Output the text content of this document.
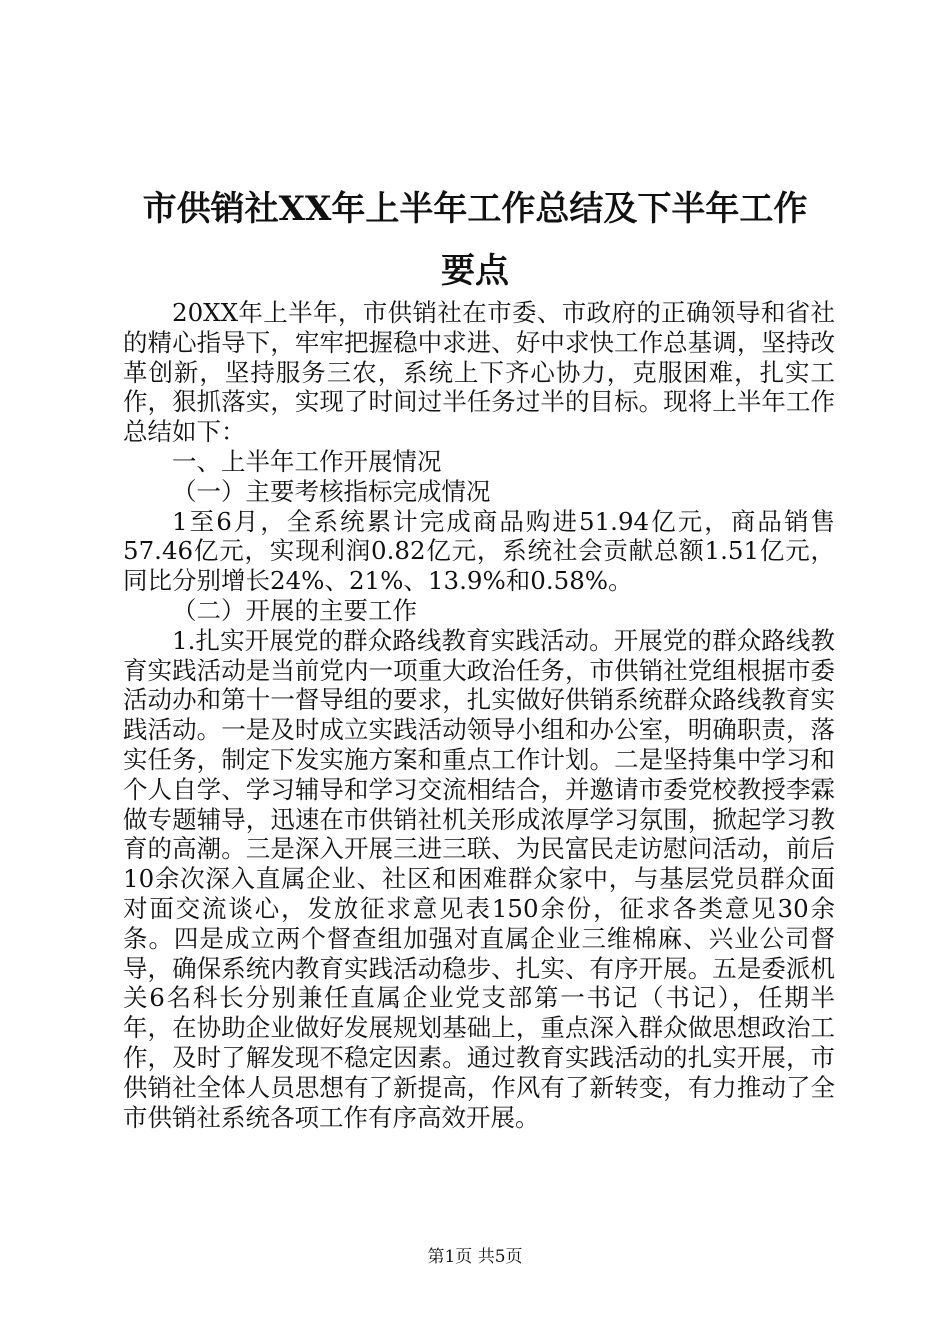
市供销社XX年上半年工作总结及下半年工作
要点

20XX年上半年，市供销社在市委、市政府的正确领导和省社的精心指导下，牢牢把握稳中求进、好中求快工作总基调，坚持改革创新，坚持服务三农，系统上下齐心协力，克服困难，扎实工作，狠抓落实，实现了时间过半任务过半的目标。现将上半年工作总结如下：

一、上半年工作开展情况

（一）主要考核指标完成情况

1至6月，全系统累计完成商品购进51.94亿元，商品销售57.46亿元，实现利润0.82亿元，系统社会贡献总额1.51亿元，同比分别增长24%、21%、13.9%和0.58%。

（二）开展的主要工作

1.扎实开展党的群众路线教育实践活动。开展党的群众路线教育实践活动是当前党内一项重大政治任务，市供销社党组根据市委活动办和第十一督导组的要求，扎实做好供销系统群众路线教育实践活动。一是及时成立实践活动领导小组和办公室，明确职责，落实任务，制定下发实施方案和重点工作计划。二是坚持集中学习和个人自学、学习辅导和学习交流相结合，并邀请市委党校教授李霖做专题辅导，迅速在市供销社机关形成浓厚学习氛围，掀起学习教育的高潮。三是深入开展三进三联、为民富民走访慰问活动，前后10余次深入直属企业、社区和困难群众家中，与基层党员群众面对面交流谈心，发放征求意见表150余份，征求各类意见30余条。四是成立两个督查组加强对直属企业三维棉麻、兴业公司督导，确保系统内教育实践活动稳步、扎实、有序开展。五是委派机关6名科长分别兼任直属企业党支部第一书记（书记），任期半年，在协助企业做好发展规划基础上，重点深入群众做思想政治工作，及时了解发现不稳定因素。通过教育实践活动的扎实开展，市供销社全体人员思想有了新提高，作风有了新转变，有力推动了全市供销社系统各项工作有序高效开展。

第1页 共5页
